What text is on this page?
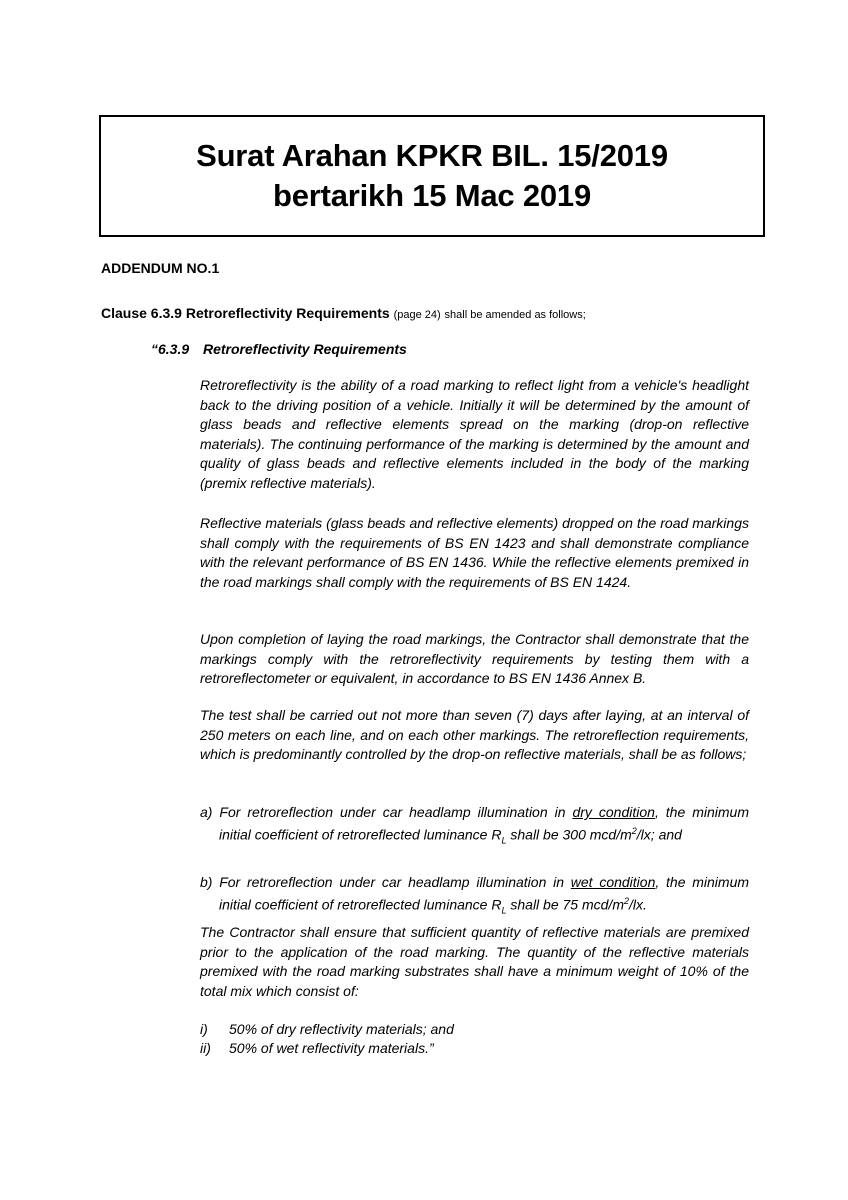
Surat Arahan KPKR BIL. 15/2019
bertarikh 15 Mac 2019
ADDENDUM NO.1
Clause 6.3.9 Retroreflectivity Requirements (page 24) shall be amended as follows;
“6.3.9 Retroreflectivity Requirements

Retroreflectivity is the ability of a road marking to reflect light from a vehicle's headlight back to the driving position of a vehicle. Initially it will be determined by the amount of glass beads and reflective elements spread on the marking (drop-on reflective materials). The continuing performance of the marking is determined by the amount and quality of glass beads and reflective elements included in the body of the marking (premix reflective materials).

Reflective materials (glass beads and reflective elements) dropped on the road markings shall comply with the requirements of BS EN 1423 and shall demonstrate compliance with the relevant performance of BS EN 1436. While the reflective elements premixed in the road markings shall comply with the requirements of BS EN 1424.

Upon completion of laying the road markings, the Contractor shall demonstrate that the markings comply with the retroreflectivity requirements by testing them with a retroreflectometer or equivalent, in accordance to BS EN 1436 Annex B.

The test shall be carried out not more than seven (7) days after laying, at an interval of 250 meters on each line, and on each other markings. The retroreflection requirements, which is predominantly controlled by the drop-on reflective materials, shall be as follows;

a) For retroreflection under car headlamp illumination in dry condition, the minimum initial coefficient of retroreflected luminance $R_L$ shall be 300 mcd/$m^2/lx$; and

b) For retroreflection under car headlamp illumination in wet condition, the minimum initial coefficient of retroreflected luminance $R_L$ shall be 75 mcd/$m^2/lx$.

The Contractor shall ensure that sufficient quantity of reflective materials are premixed prior to the application of the road marking. The quantity of the reflective materials premixed with the road marking substrates shall have a minimum weight of 10% of the total mix which consist of:

i) 50% of dry reflectivity materials; and
ii) 50% of wet reflectivity materials.”
